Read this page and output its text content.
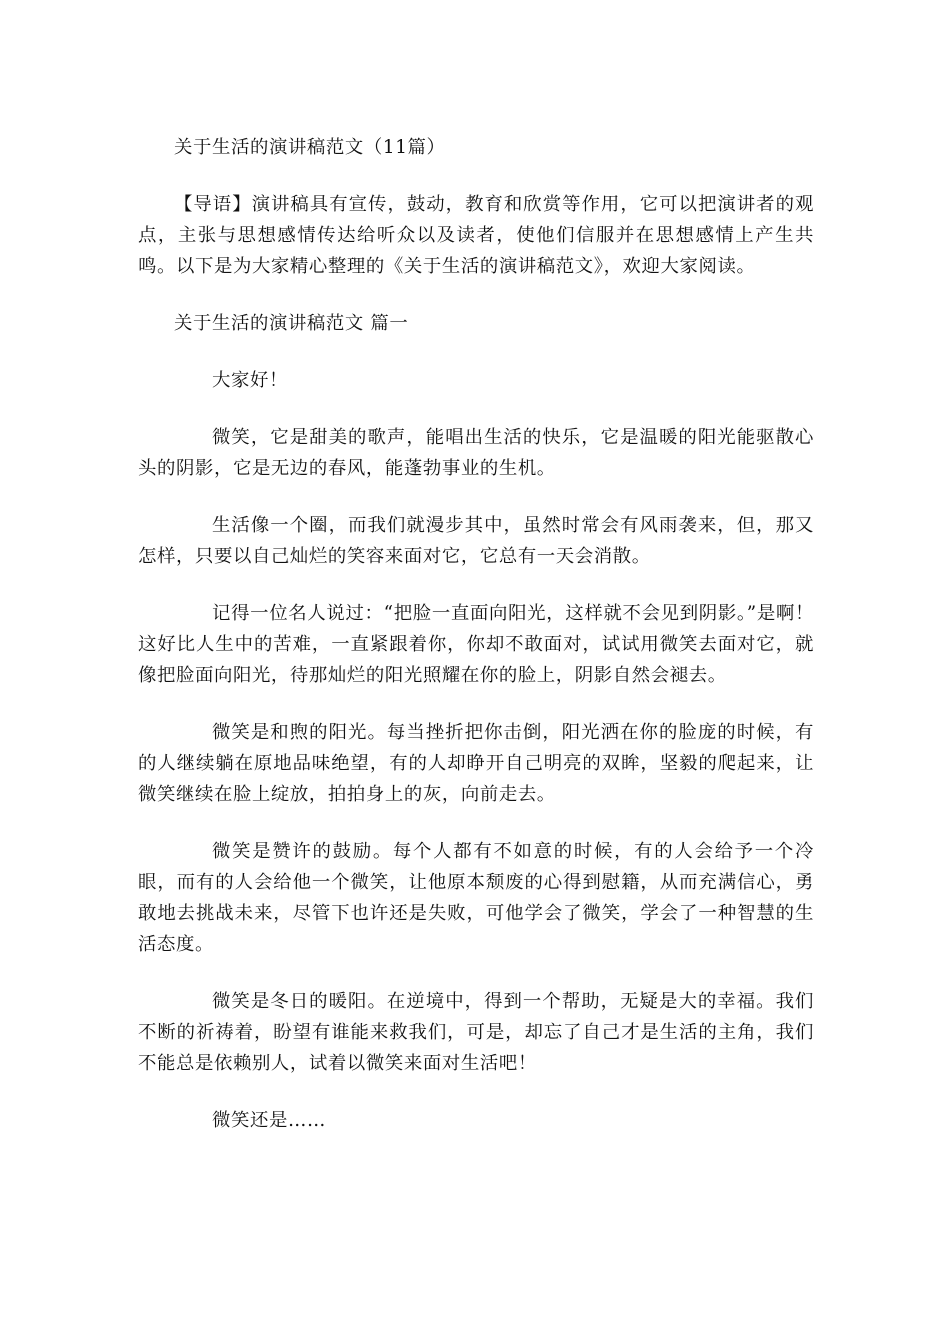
关于生活的演讲稿范文（11篇）

【导语】演讲稿具有宣传，鼓动，教育和欣赏等作用，它可以把演讲者的观点，主张与思想感情传达给听众以及读者，使他们信服并在思想感情上产生共鸣。以下是为大家精心整理的《关于生活的演讲稿范文》，欢迎大家阅读。

关于生活的演讲稿范文 篇一

大家好！

微笑，它是甜美的歌声，能唱出生活的快乐，它是温暖的阳光能驱散心头的阴影，它是无边的春风，能蓬勃事业的生机。

生活像一个圈，而我们就漫步其中，虽然时常会有风雨袭来，但，那又怎样，只要以自己灿烂的笑容来面对它，它总有一天会消散。

记得一位名人说过：“把脸一直面向阳光，这样就不会见到阴影。”是啊！这好比人生中的苦难，一直紧跟着你，你却不敢面对，试试用微笑去面对它，就像把脸面向阳光，待那灿烂的阳光照耀在你的脸上，阴影自然会褪去。

微笑是和煦的阳光。每当挫折把你击倒，阳光洒在你的脸庞的时候，有的人继续躺在原地品味绝望，有的人却睁开自己明亮的双眸，坚毅的爬起来，让微笑继续在脸上绽放，拍拍身上的灰，向前走去。

微笑是赞许的鼓励。每个人都有不如意的时候，有的人会给予一个冷眼，而有的人会给他一个微笑，让他原本颓废的心得到慰籍，从而充满信心，勇敢地去挑战未来，尽管下也许还是失败，可他学会了微笑，学会了一种智慧的生活态度。

微笑是冬日的暖阳。在逆境中，得到一个帮助，无疑是大的幸福。我们不断的祈祷着，盼望有谁能来救我们，可是，却忘了自己才是生活的主角，我们不能总是依赖别人，试着以微笑来面对生活吧！

微笑还是……
